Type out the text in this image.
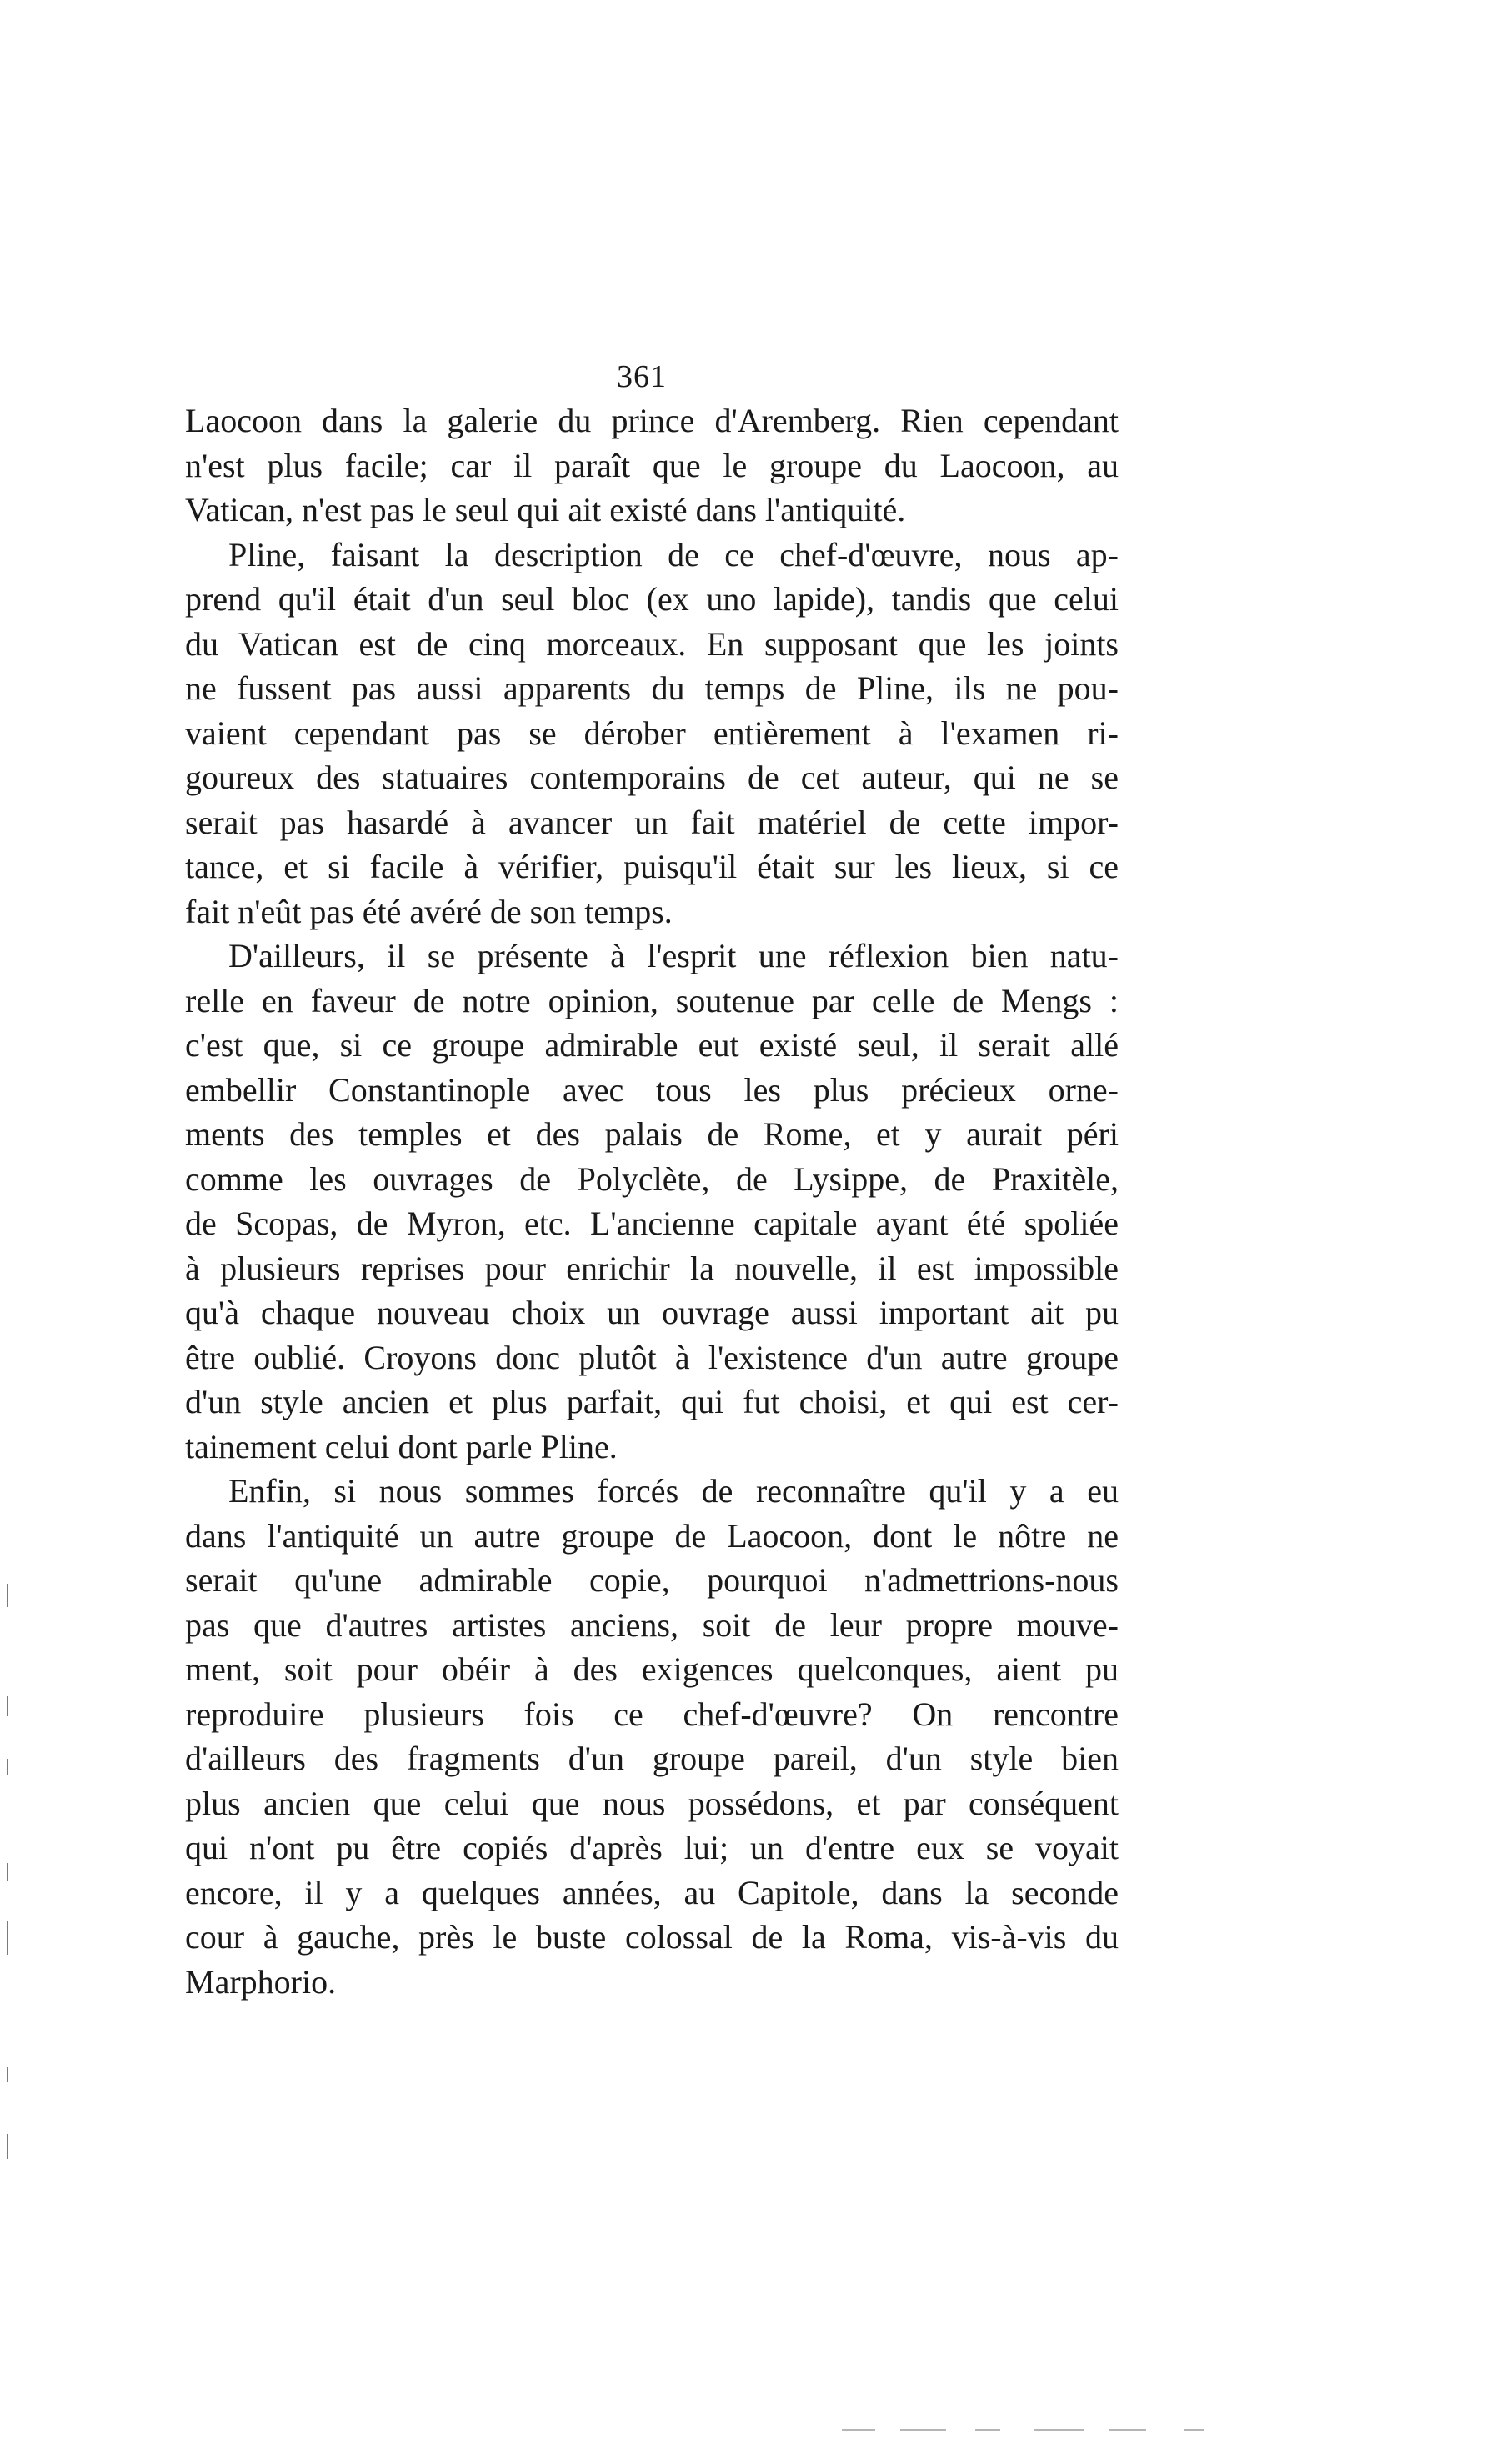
361
Laocoon dans la galerie du prince d'Aremberg. Rien cependant
n'est plus facile; car il paraît que le groupe du Laocoon, au
Vatican, n'est pas le seul qui ait existé dans l'antiquité.
Pline, faisant la description de ce chef-d'œuvre, nous ap-
prend qu'il était d'un seul bloc (ex uno lapide), tandis que celui
du Vatican est de cinq morceaux. En supposant que les joints
ne fussent pas aussi apparents du temps de Pline, ils ne pou-
vaient cependant pas se dérober entièrement à l'examen ri-
goureux des statuaires contemporains de cet auteur, qui ne se
serait pas hasardé à avancer un fait matériel de cette impor-
tance, et si facile à vérifier, puisqu'il était sur les lieux, si ce
fait n'eût pas été avéré de son temps.
D'ailleurs, il se présente à l'esprit une réflexion bien natu-
relle en faveur de notre opinion, soutenue par celle de Mengs :
c'est que, si ce groupe admirable eut existé seul, il serait allé
embellir Constantinople avec tous les plus précieux orne-
ments des temples et des palais de Rome, et y aurait péri
comme les ouvrages de Polyclète, de Lysippe, de Praxitèle,
de Scopas, de Myron, etc. L'ancienne capitale ayant été spoliée
à plusieurs reprises pour enrichir la nouvelle, il est impossible
qu'à chaque nouveau choix un ouvrage aussi important ait pu
être oublié. Croyons donc plutôt à l'existence d'un autre groupe
d'un style ancien et plus parfait, qui fut choisi, et qui est cer-
tainement celui dont parle Pline.
Enfin, si nous sommes forcés de reconnaître qu'il y a eu
dans l'antiquité un autre groupe de Laocoon, dont le nôtre ne
serait qu'une admirable copie, pourquoi n'admettrions-nous
pas que d'autres artistes anciens, soit de leur propre mouve-
ment, soit pour obéir à des exigences quelconques, aient pu
reproduire plusieurs fois ce chef-d'œuvre? On rencontre
d'ailleurs des fragments d'un groupe pareil, d'un style bien
plus ancien que celui que nous possédons, et par conséquent
qui n'ont pu être copiés d'après lui; un d'entre eux se voyait
encore, il y a quelques années, au Capitole, dans la seconde
cour à gauche, près le buste colossal de la Roma, vis-à-vis du
Marphorio.
